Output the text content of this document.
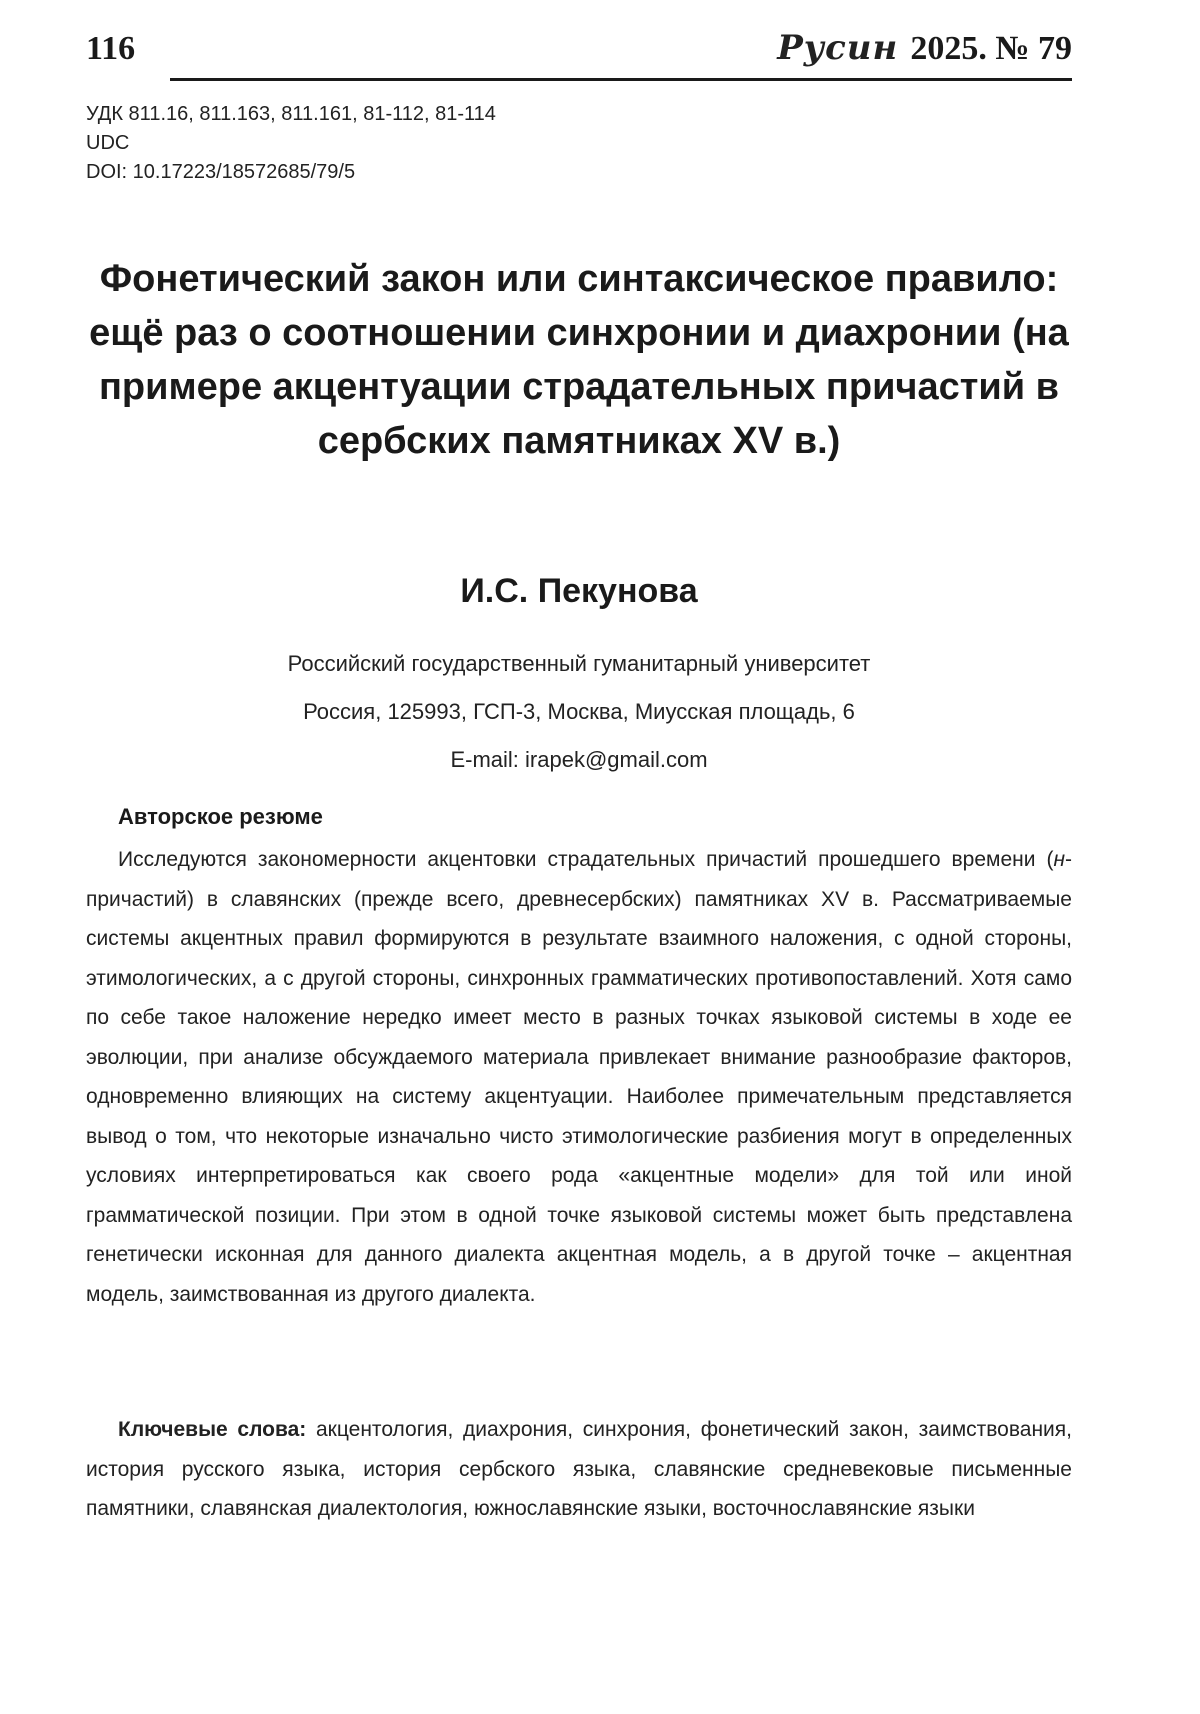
116	Русин 2025. № 79
УДК 811.16, 811.163, 811.161, 81-112, 81-114
UDC
DOI: 10.17223/18572685/79/5
Фонетический закон или синтаксическое правило: ещё раз о соотношении синхронии и диахронии (на примере акцентуации страдательных причастий в сербских памятниках XV в.)
И.С. Пекунова
Российский государственный гуманитарный университет
Россия, 125993, ГСП-3, Москва, Миусская площадь, 6
E-mail: irapek@gmail.com
Авторское резюме

Исследуются закономерности акцентовки страдательных причастий прошедшего времени (н-причастий) в славянских (прежде всего, древнесербских) памятниках XV в. Рассматриваемые системы акцентных правил формируются в результате взаимного наложения, с одной стороны, этимологических, а с другой стороны, синхронных грамматических противопоставлений. Хотя само по себе такое наложение нередко имеет место в разных точках языковой системы в ходе ее эволюции, при анализе обсуждаемого материала привлекает внимание разнообразие факторов, одновременно влияющих на систему акцентуации. Наиболее примечательным представляется вывод о том, что некоторые изначально чисто этимологические разбиения могут в определенных условиях интерпретироваться как своего рода «акцентные модели» для той или иной грамматической позиции. При этом в одной точке языковой системы может быть представлена генетически исконная для данного диалекта акцентная модель, а в другой точке – акцентная модель, заимствованная из другого диалекта.

Ключевые слова: акцентология, диахрония, синхрония, фонетический закон, заимствования, история русского языка, история сербского языка, славянские средневековые письменные памятники, славянская диалектология, южнославянские языки, восточнославянские языки
